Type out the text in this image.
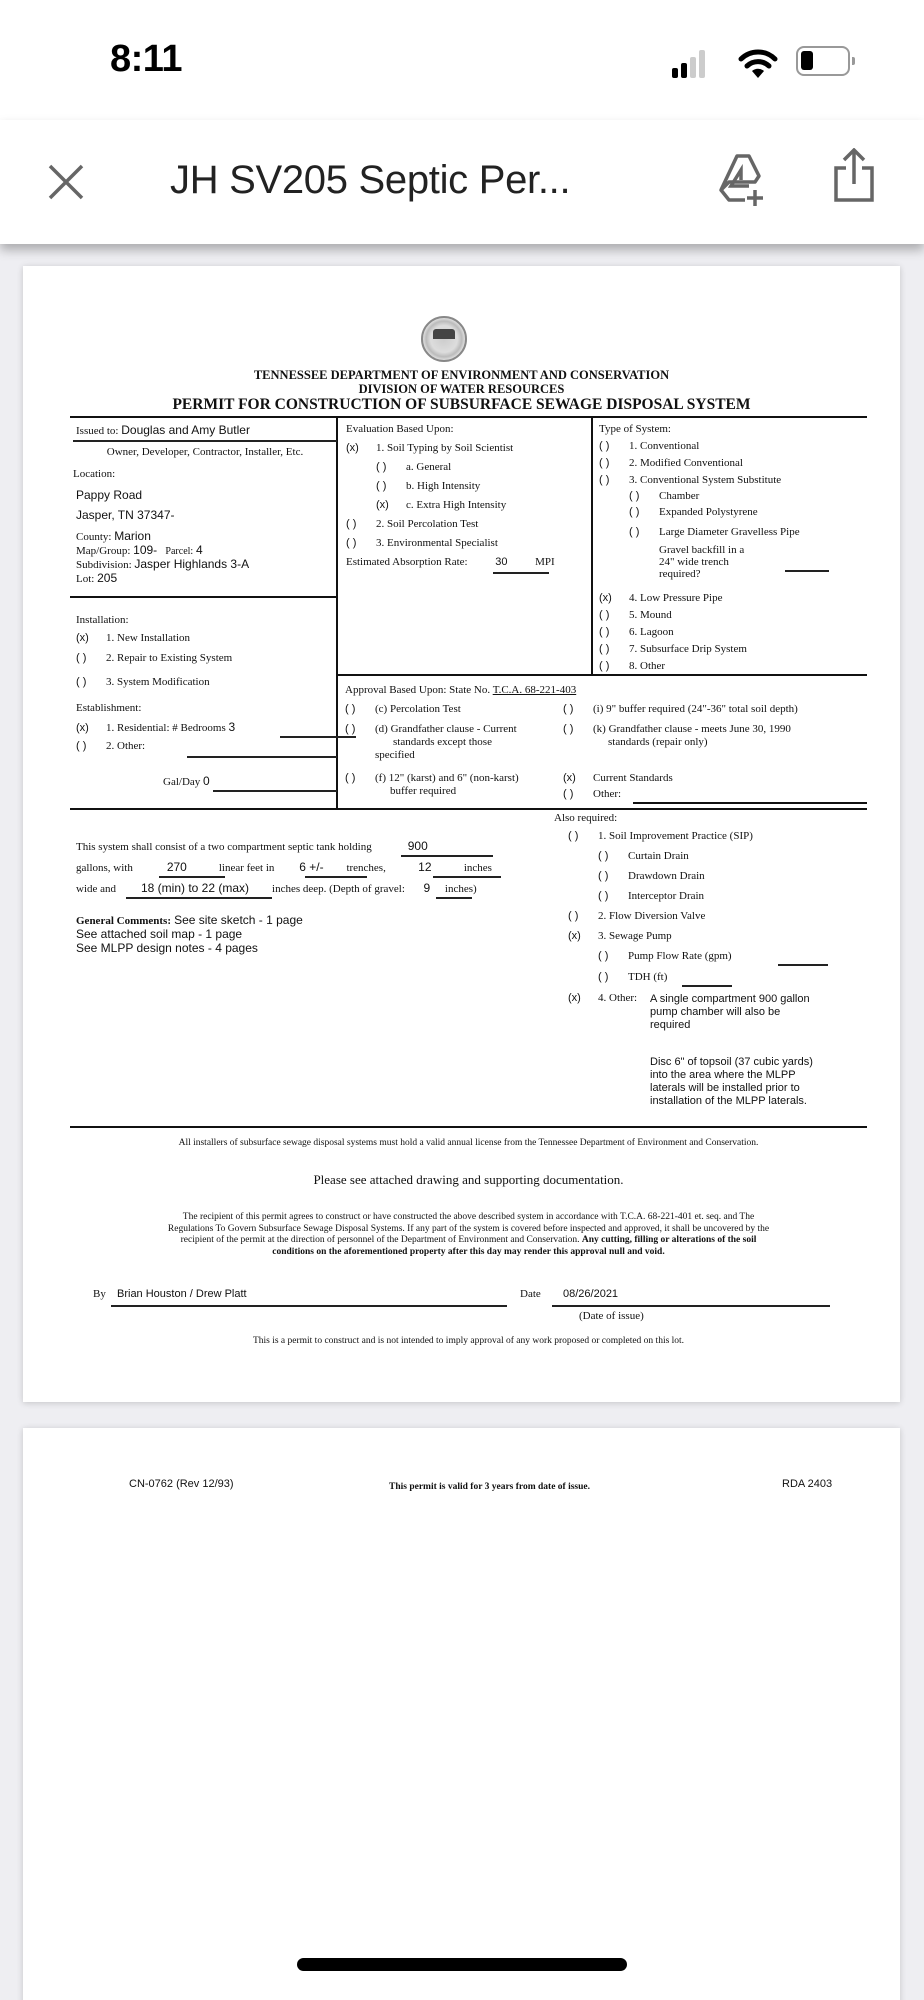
8:11
JH SV205 Septic Per...
TENNESSEE DEPARTMENT OF ENVIRONMENT AND CONSERVATION
DIVISION OF WATER RESOURCES
PERMIT FOR CONSTRUCTION OF SUBSURFACE SEWAGE DISPOSAL SYSTEM
Issued to: Douglas and Amy Butler
Owner, Developer, Contractor, Installer, Etc.
Location:
Pappy Road
Jasper, TN 37347-
County: Marion
Map/Group: 109- Parcel: 4
Subdivision: Jasper Highlands 3-A
Lot: 205
Evaluation Based Upon:
(x) 1. Soil Typing by Soil Scientist
( ) a. General
( ) b. High Intensity
(x) c. Extra High Intensity
( ) 2. Soil Percolation Test
( ) 3. Environmental Specialist
Estimated Absorption Rate:	30	MPI
Type of System:
( ) 1. Conventional
( ) 2. Modified Conventional
( ) 3. Conventional System Substitute
( ) Chamber
( ) Expanded Polystyrene
( ) Large Diameter Gravelless Pipe
Gravel backfill in a
24" wide trench
required?
(x) 4. Low Pressure Pipe
( ) 5. Mound
( ) 6. Lagoon
( ) 7. Subsurface Drip System
( ) 8. Other
Installation:
(x) 1. New Installation
( ) 2. Repair to Existing System
( ) 3. System Modification
Establishment:
(x) 1. Residential: # Bedrooms 3
( ) 2. Other:
Gal/Day 0
Approval Based Upon: State No. T.C.A. 68-221-403
( ) (c) Percolation Test
( ) (d) Grandfather clause - Current
standards except those
specified
( ) (f) 12" (karst) and 6" (non-karst)
buffer required
( ) (i) 9" buffer required (24"-36" total soil depth)
( ) (k) Grandfather clause - meets June 30, 1990
standards (repair only)
(x) Current Standards
( ) Other:
This system shall consist of a two compartment septic tank holding	900
gallons, with	270	linear feet in 6 +/- trenches,	12	inches
wide and 18 (min) to 22 (max) inches deep. (Depth of gravel: 9 inches)
General Comments: See site sketch - 1 page
See attached soil map - 1 page
See MLPP design notes - 4 pages
Also required:
( ) 1. Soil Improvement Practice (SIP)
( ) Curtain Drain
( ) Drawdown Drain
( ) Interceptor Drain
( ) 2. Flow Diversion Valve
(x) 3. Sewage Pump
( ) Pump Flow Rate (gpm)
( ) TDH (ft)
(x) 4. Other: A single compartment 900 gallon
pump chamber will also be
required
Disc 6" of topsoil (37 cubic yards)
into the area where the MLPP
laterals will be installed prior to
installation of the MLPP laterals.
All installers of subsurface sewage disposal systems must hold a valid annual license from the Tennessee Department of Environment and Conservation.
Please see attached drawing and supporting documentation.
The recipient of this permit agrees to construct or have constructed the above described system in accordance with T.C.A. 68-221-401 et. seq. and The
Regulations To Govern Subsurface Sewage Disposal Systems. If any part of the system is covered before inspected and approved, it shall be uncovered by the
recipient of the permit at the direction of personnel of the Department of Environment and Conservation. Any cutting, filling or alterations of the soil
conditions on the aforementioned property after this day may render this approval null and void.
By Brian Houston / Drew Platt	Date 08/26/2021
(Date of issue)
This is a permit to construct and is not intended to imply approval of any work proposed or completed on this lot.
CN-0762 (Rev 12/93)	This permit is valid for 3 years from date of issue.	RDA 2403
